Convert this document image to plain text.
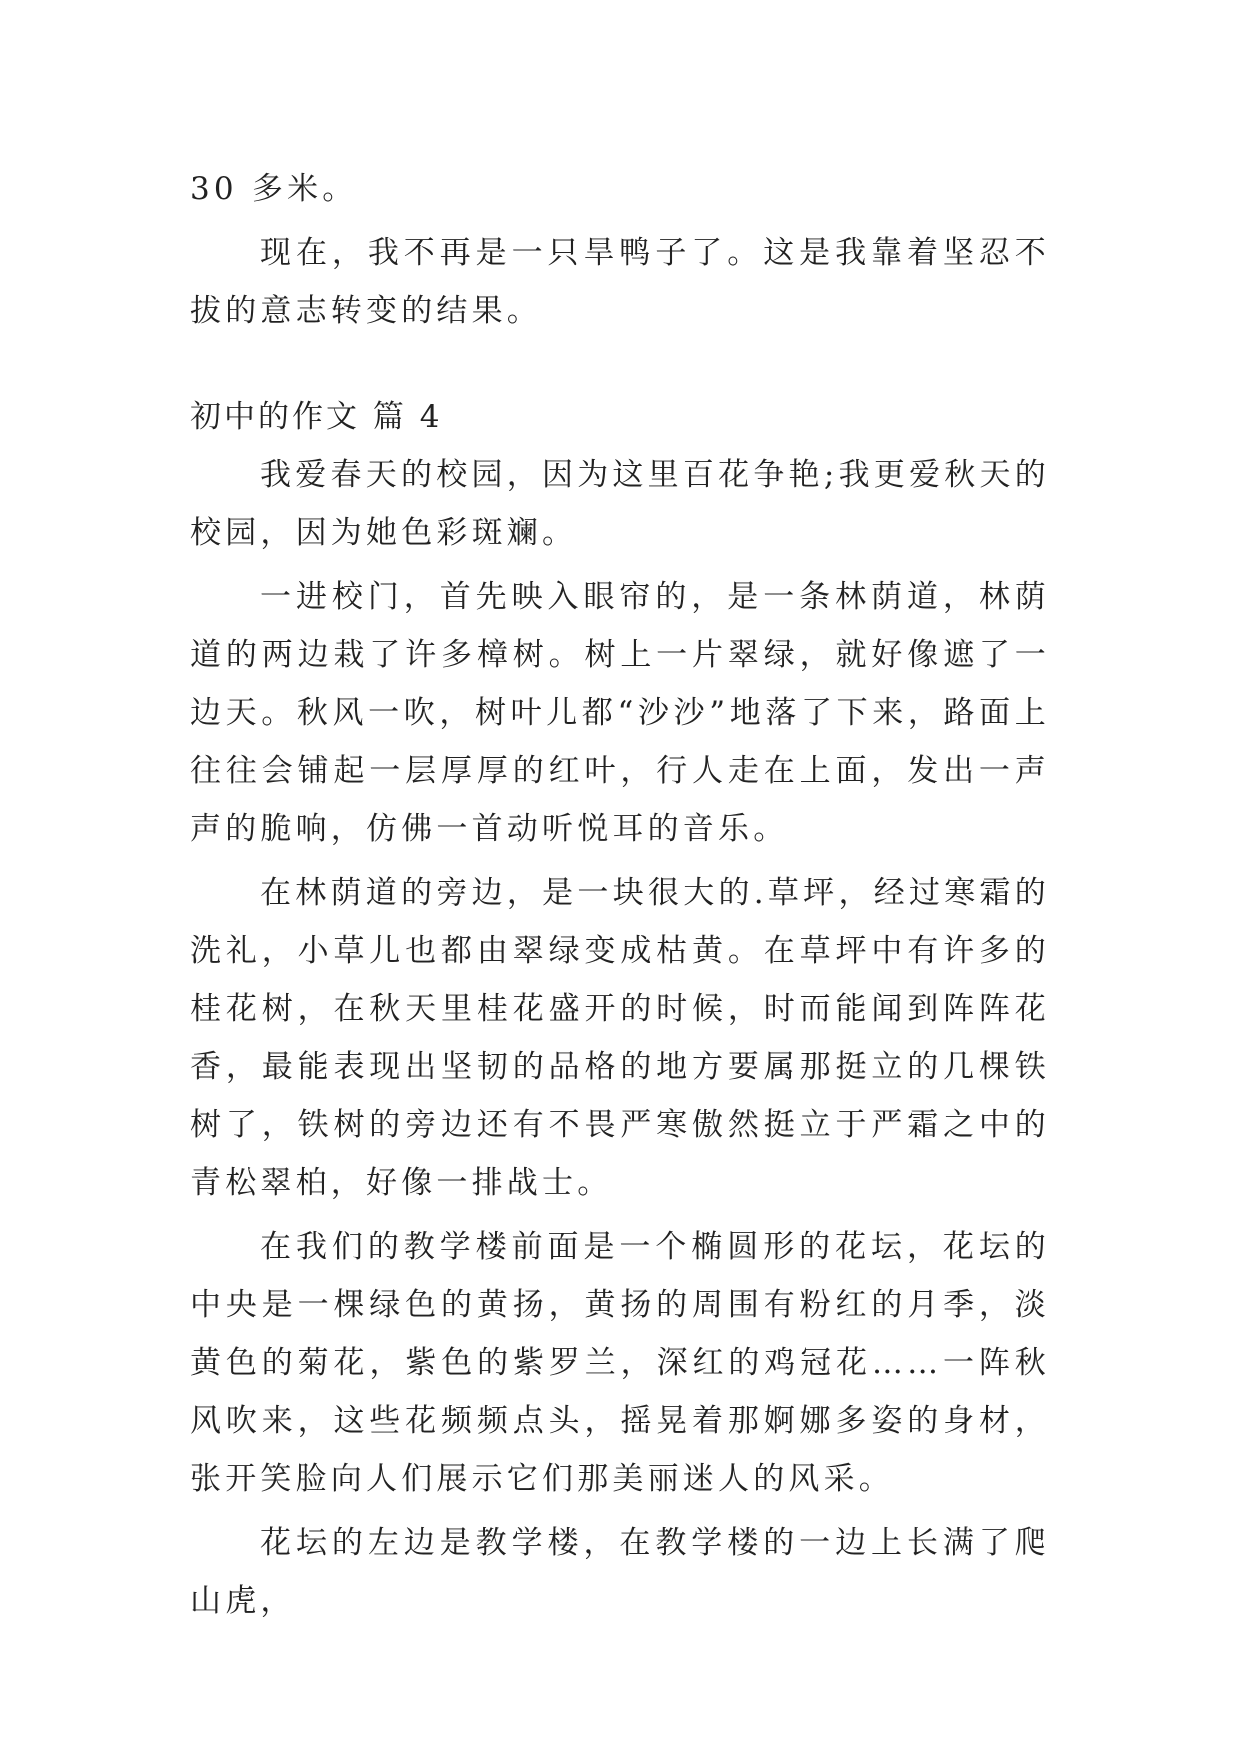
30 多米。

现在，我不再是一只旱鸭子了。这是我靠着坚忍不拔的意志转变的结果。

初中的作文 篇 4

我爱春天的校园，因为这里百花争艳;我更爱秋天的校园，因为她色彩斑斓。

一进校门，首先映入眼帘的，是一条林荫道，林荫道的两边栽了许多樟树。树上一片翠绿，就好像遮了一边天。秋风一吹，树叶儿都“沙沙”地落了下来，路面上往往会铺起一层厚厚的红叶，行人走在上面，发出一声声的脆响，仿佛一首动听悦耳的音乐。

在林荫道的旁边，是一块很大的.草坪，经过寒霜的洗礼，小草儿也都由翠绿变成枯黄。在草坪中有许多的桂花树，在秋天里桂花盛开的时候，时而能闻到阵阵花香，最能表现出坚韧的品格的地方要属那挺立的几棵铁树了，铁树的旁边还有不畏严寒傲然挺立于严霜之中的青松翠柏，好像一排战士。

在我们的教学楼前面是一个椭圆形的花坛，花坛的中央是一棵绿色的黄扬，黄扬的周围有粉红的月季，淡黄色的菊花，紫色的紫罗兰，深红的鸡冠花……一阵秋风吹来，这些花频频点头，摇晃着那婀娜多姿的身材，张开笑脸向人们展示它们那美丽迷人的风采。

花坛的左边是教学楼，在教学楼的一边上长满了爬山虎，
